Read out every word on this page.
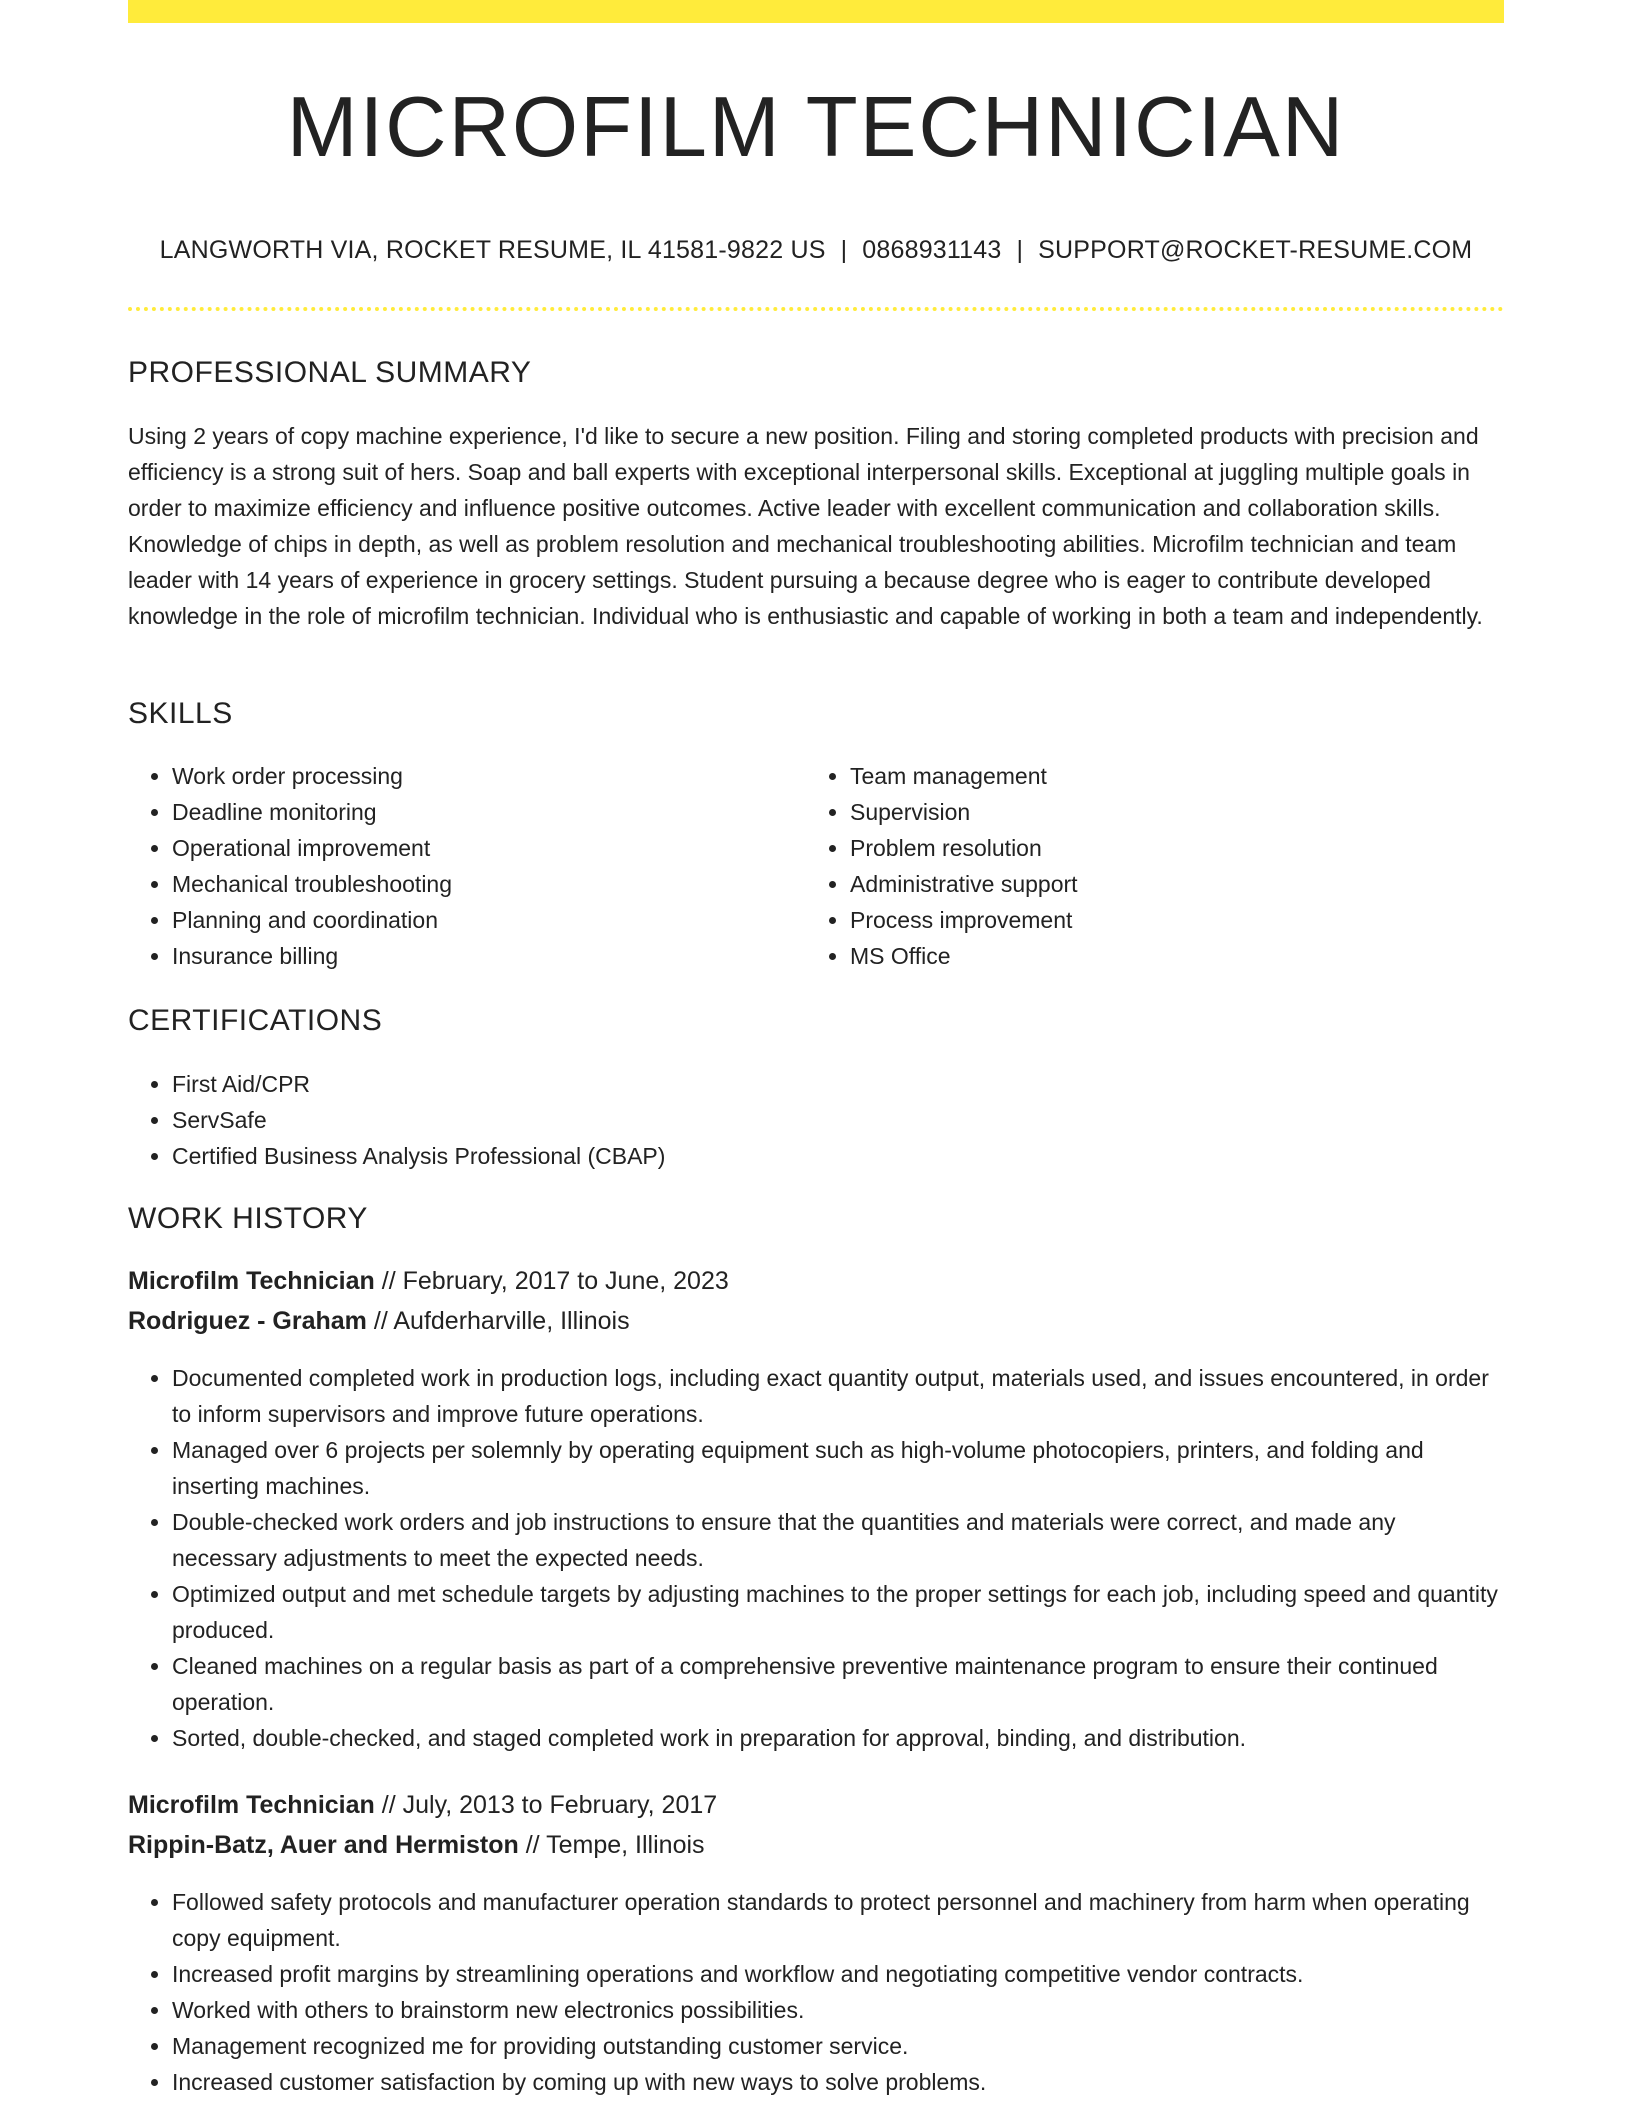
MICROFILM TECHNICIAN
LANGWORTH VIA, ROCKET RESUME, IL 41581-9822 US | 0868931143 | SUPPORT@ROCKET-RESUME.COM
PROFESSIONAL SUMMARY

Using 2 years of copy machine experience, I'd like to secure a new position. Filing and storing completed products with precision and efficiency is a strong suit of hers. Soap and ball experts with exceptional interpersonal skills. Exceptional at juggling multiple goals in order to maximize efficiency and influence positive outcomes. Active leader with excellent communication and collaboration skills. Knowledge of chips in depth, as well as problem resolution and mechanical troubleshooting abilities. Microfilm technician and team leader with 14 years of experience in grocery settings. Student pursuing a because degree who is eager to contribute developed knowledge in the role of microfilm technician. Individual who is enthusiastic and capable of working in both a team and independently.

SKILLS
• Work order processing
• Deadline monitoring
• Operational improvement
• Mechanical troubleshooting
• Planning and coordination
• Insurance billing
• Team management
• Supervision
• Problem resolution
• Administrative support
• Process improvement
• MS Office
CERTIFICATIONS
• First Aid/CPR
• ServSafe
• Certified Business Analysis Professional (CBAP)
WORK HISTORY
Microfilm Technician // February, 2017 to June, 2023
Rodriguez - Graham // Aufderharville, Illinois
• Documented completed work in production logs, including exact quantity output, materials used, and issues encountered, in order to inform supervisors and improve future operations.
• Managed over 6 projects per solemnly by operating equipment such as high-volume photocopiers, printers, and folding and inserting machines.
• Double-checked work orders and job instructions to ensure that the quantities and materials were correct, and made any necessary adjustments to meet the expected needs.
• Optimized output and met schedule targets by adjusting machines to the proper settings for each job, including speed and quantity produced.
• Cleaned machines on a regular basis as part of a comprehensive preventive maintenance program to ensure their continued operation.
• Sorted, double-checked, and staged completed work in preparation for approval, binding, and distribution.
Microfilm Technician // July, 2013 to February, 2017
Rippin-Batz, Auer and Hermiston // Tempe, Illinois
• Followed safety protocols and manufacturer operation standards to protect personnel and machinery from harm when operating copy equipment.
• Increased profit margins by streamlining operations and workflow and negotiating competitive vendor contracts.
• Worked with others to brainstorm new electronics possibilities.
• Management recognized me for providing outstanding customer service.
• Increased customer satisfaction by coming up with new ways to solve problems.
